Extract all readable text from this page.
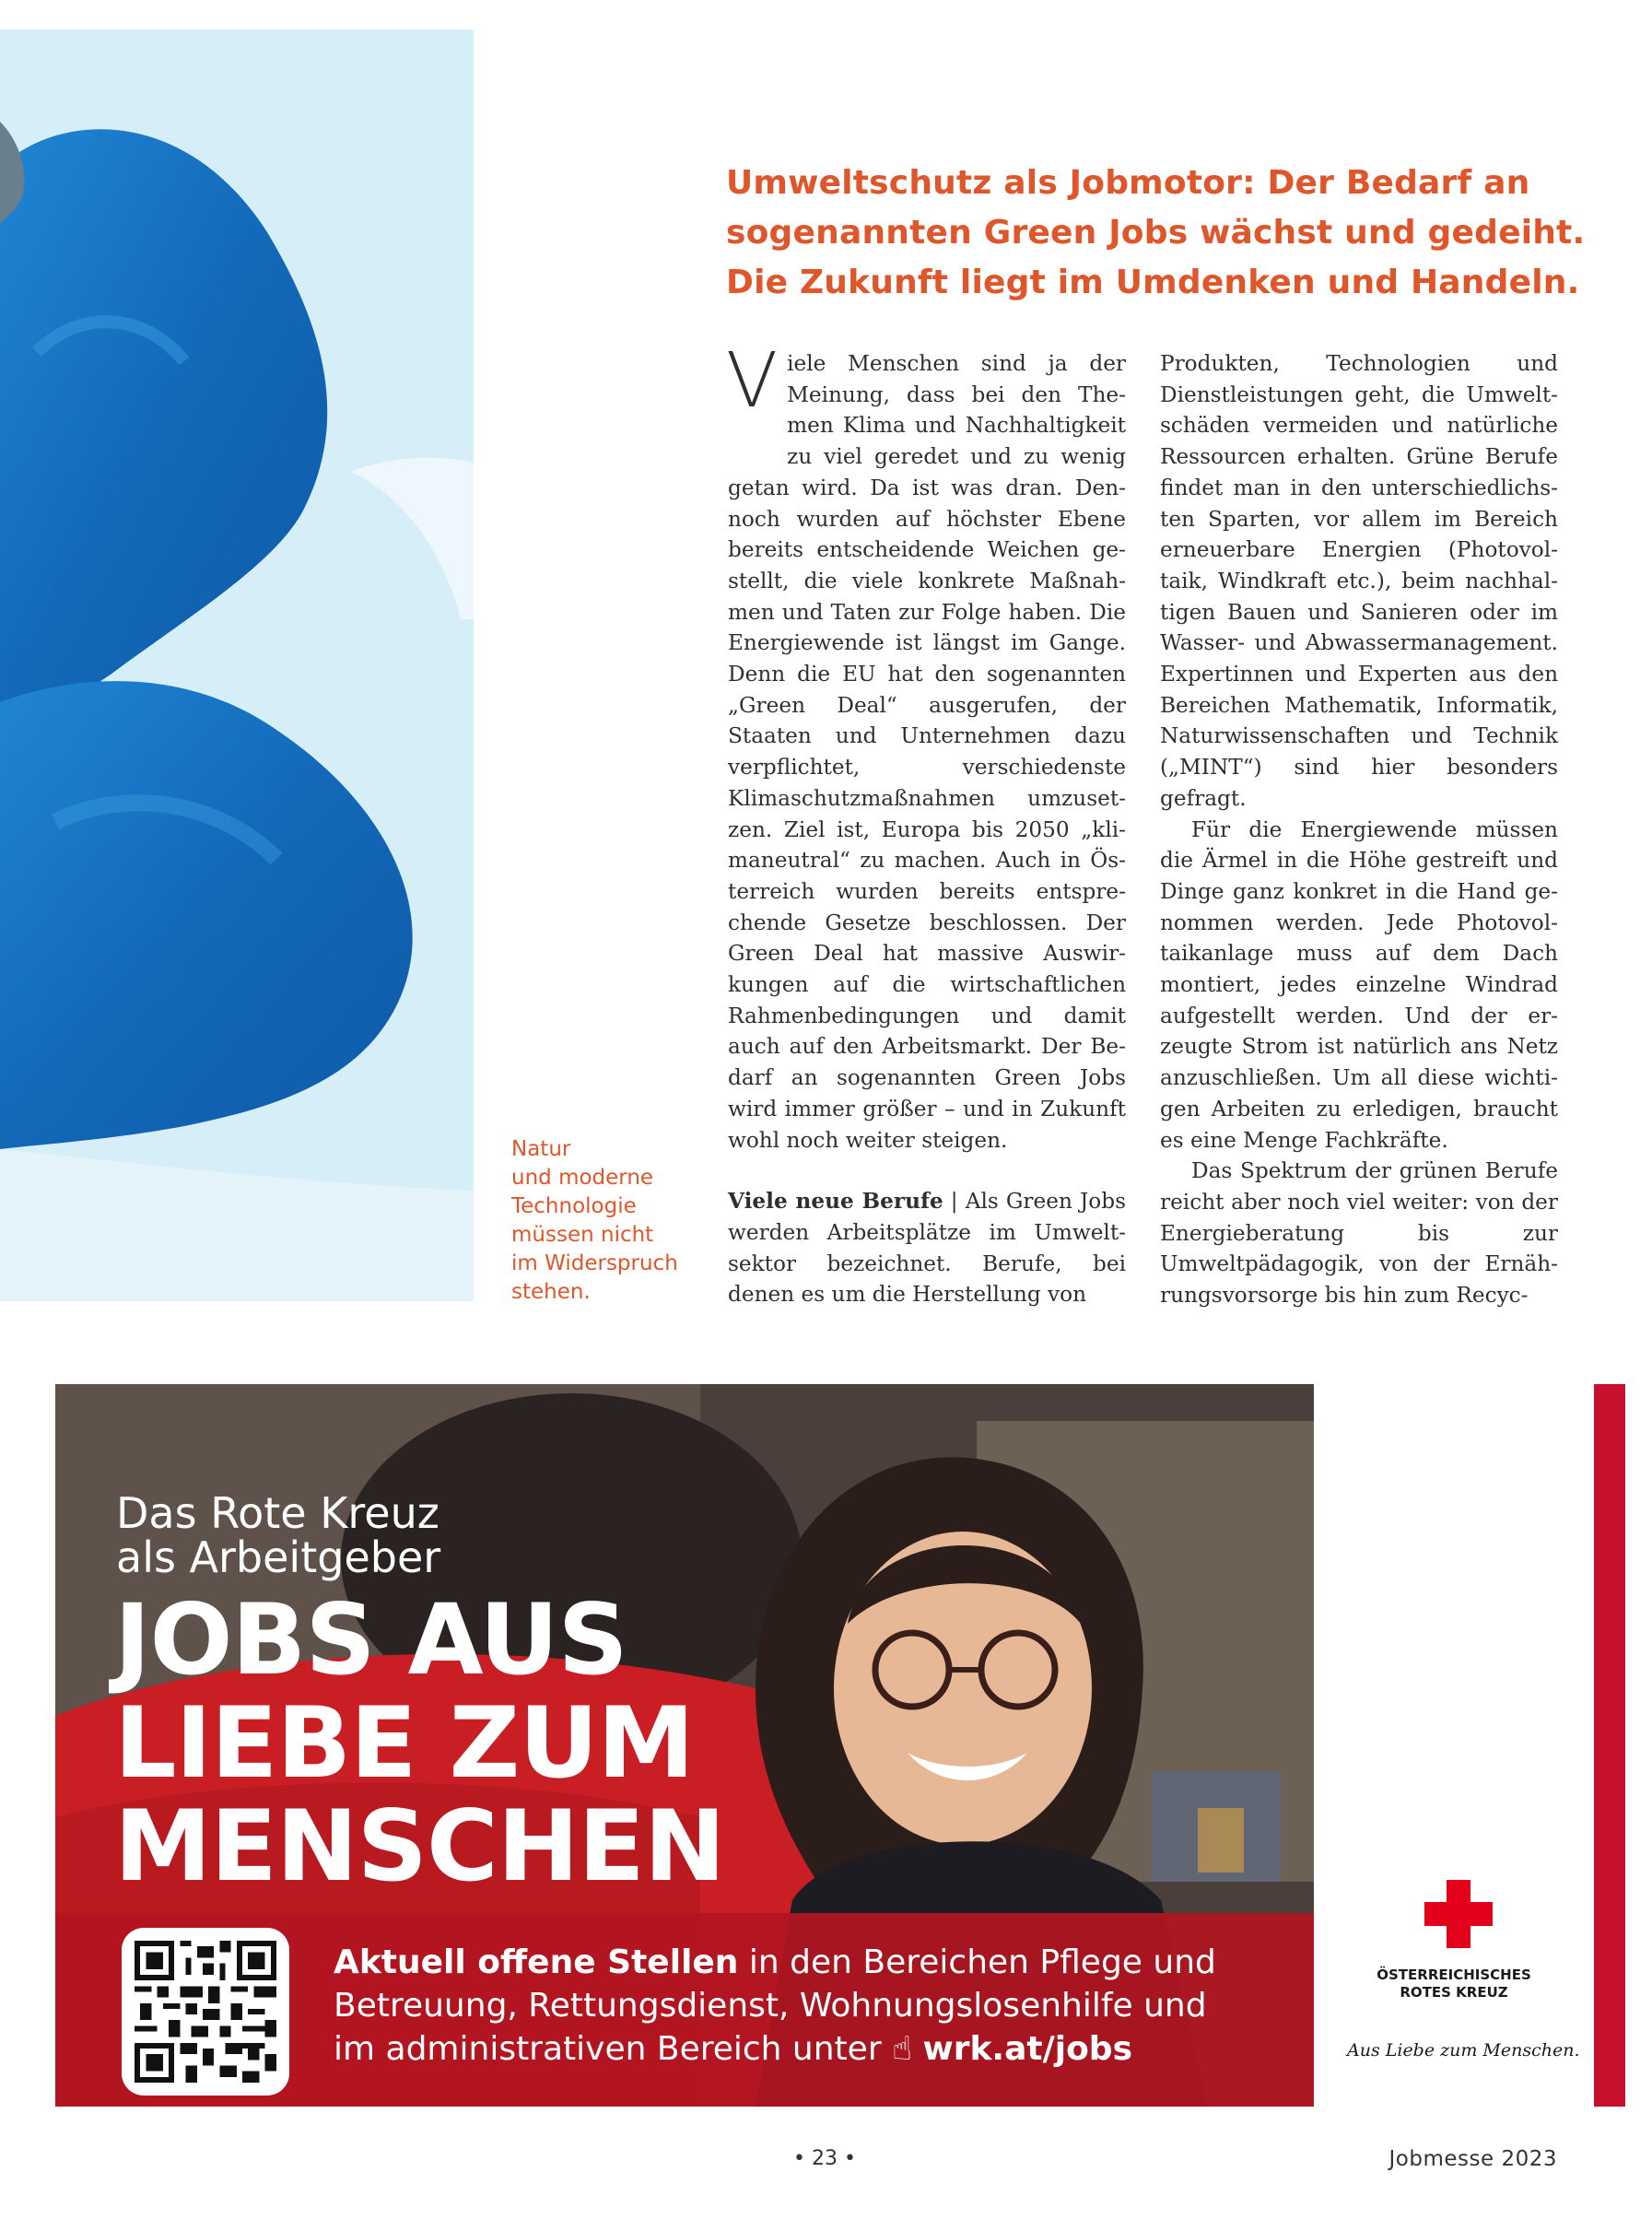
Umweltschutz als Jobmotor: Der Bedarf an
sogenannten Green Jobs wächst und gedeiht.
Die Zukunft liegt im Umdenken und Handeln.
Natur
und moderne
Technologie
müssen nicht
im Widerspruch
stehen.

Viele Menschen sind ja der Meinung, dass bei den Themen Klima und Nachhaltigkeit zu viel geredet und zu wenig getan wird. Da ist was dran. Dennoch wurden auf höchster Ebene bereits entscheidende Weichen gestellt, die viele konkrete Maßnahmen und Taten zur Folge haben. Die Energiewende ist längst im Gange. Denn die EU hat den sogenannten „Green Deal“ ausgerufen, der Staaten und Unternehmen dazu verpflichtet, verschiedenste Klimaschutzmaßnahmen umzusetzen. Ziel ist, Europa bis 2050 „klimaneutral“ zu machen. Auch in Österreich wurden bereits entsprechende Gesetze beschlossen. Der Green Deal hat massive Auswirkungen auf die wirtschaftlichen Rahmenbedingungen und damit auch auf den Arbeitsmarkt. Der Bedarf an sogenannten Green Jobs wird immer größer – und in Zukunft wohl noch weiter steigen.

Viele neue Berufe | Als Green Jobs werden Arbeitsplätze im Umweltsektor bezeichnet. Berufe, bei denen es um die Herstellung von

Produkten, Technologien und Dienstleistungen geht, die Umweltschäden vermeiden und natürliche Ressourcen erhalten. Grüne Berufe findet man in den unterschiedlichsten Sparten, vor allem im Bereich erneuerbare Energien (Photovoltaik, Windkraft etc.), beim nachhaltigen Bauen und Sanieren oder im Wasser- und Abwassermanagement. Expertinnen und Experten aus den Bereichen Mathematik, Informatik, Naturwissenschaften und Technik („MINT“) sind hier besonders gefragt.

Für die Energiewende müssen die Ärmel in die Höhe gestreift und Dinge ganz konkret in die Hand genommen werden. Jede Photovoltaikanlage muss auf dem Dach montiert, jedes einzelne Windrad aufgestellt werden. Und der erzeugte Strom ist natürlich ans Netz anzuschließen. Um all diese wichtigen Arbeiten zu erledigen, braucht es eine Menge Fachkräfte.

Das Spektrum der grünen Berufe reicht aber noch viel weiter: von der Energieberatung bis zur Umweltpädagogik, von der Ernährungsvorsorge bis hin zum Recyc-

Das Rote Kreuz
als Arbeitgeber
JOBS AUS
LIEBE ZUM
MENSCHEN
Aktuell offene Stellen in den Bereichen Pflege und
Betreuung, Rettungsdienst, Wohnungslosenhilfe und
im administrativen Bereich unter ☝ wrk.at/jobs
ÖSTERREICHISCHES
ROTES KREUZ
Aus Liebe zum Menschen.
• 23 •	Jobmesse 2023
